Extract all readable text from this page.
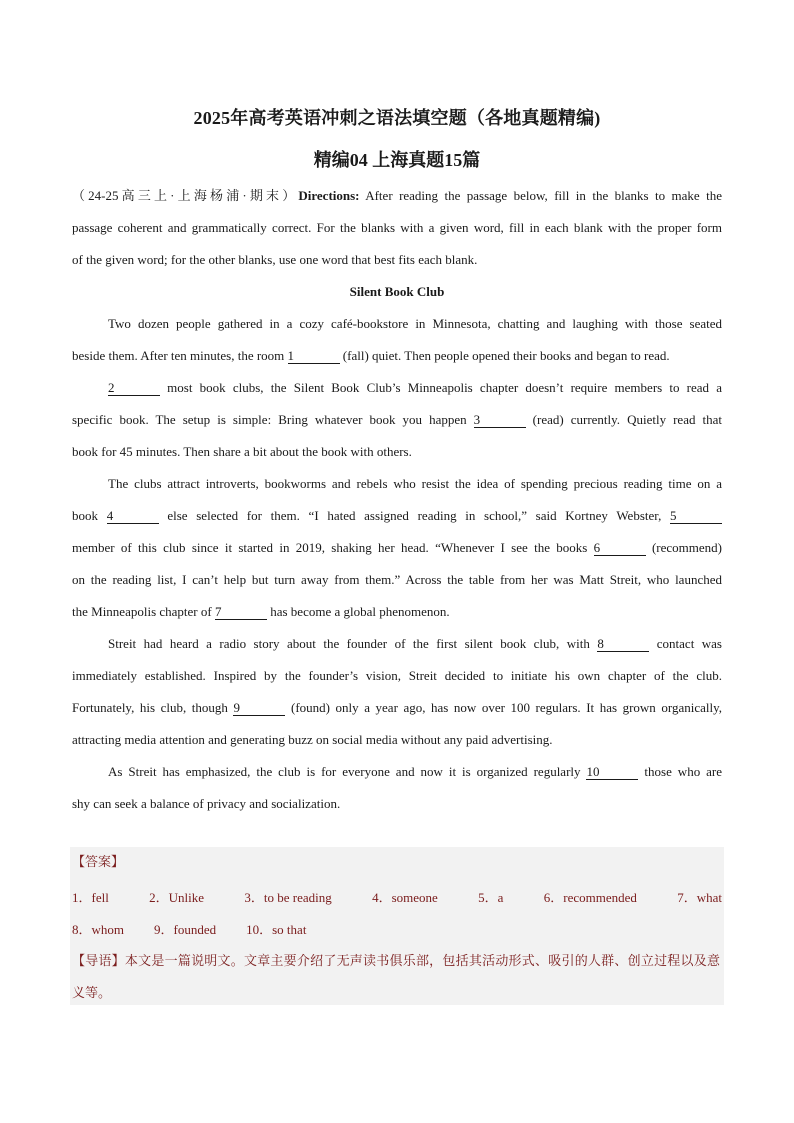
2025年高考英语冲刺之语法填空题（各地真题精编)
精编04 上海真题15篇

（24-25高三上·上海杨浦·期末）Directions: After reading the passage below, fill in the blanks to make the

passage coherent and grammatically correct. For the blanks with a given word, fill in each blank with the proper form

of the given word; for the other blanks, use one word that best fits each blank.

Silent Book Club

Two dozen people gathered in a cozy café-bookstore in Minnesota, chatting and laughing with those seated

beside them. After ten minutes, the room 1	(fall) quiet. Then people opened their books and began to read.

2	most book clubs, the Silent Book Club’s Minneapolis chapter doesn’t require members to read a

specific book. The setup is simple: Bring whatever book you happen 3	(read) currently. Quietly read that

book for 45 minutes. Then share a bit about the book with others.

The clubs attract introverts, bookworms and rebels who resist the idea of spending precious reading time on a

book 4	else selected for them. “I hated assigned reading in school,” said Kortney Webster, 5

member of this club since it started in 2019, shaking her head. “Whenever I see the books 6	(recommend)

on the reading list, I can’t help but turn away from them.” Across the table from her was Matt Streit, who launched

the Minneapolis chapter of 7	has become a global phenomenon.

Streit had heard a radio story about the founder of the first silent book club, with 8	contact was

immediately established. Inspired by the founder’s vision, Streit decided to initiate his own chapter of the club.

Fortunately, his club, though 9	(found) only a year ago, has now over 100 regulars. It has grown organically,

attracting media attention and generating buzz on social media without any paid advertising.

As Streit has emphasized, the club is for everyone and now it is organized regularly 10	those who are

shy can seek a balance of privacy and socialization.

【答案】
1．fell	2．Unlike	3．to be reading	4．someone	5．a	6．recommended	7．what
8．whom 9．founded 10．so that

【导语】本文是一篇说明文。文章主要介绍了无声读书俱乐部，包括其活动形式、吸引的人群、创立过程以及意义等。
